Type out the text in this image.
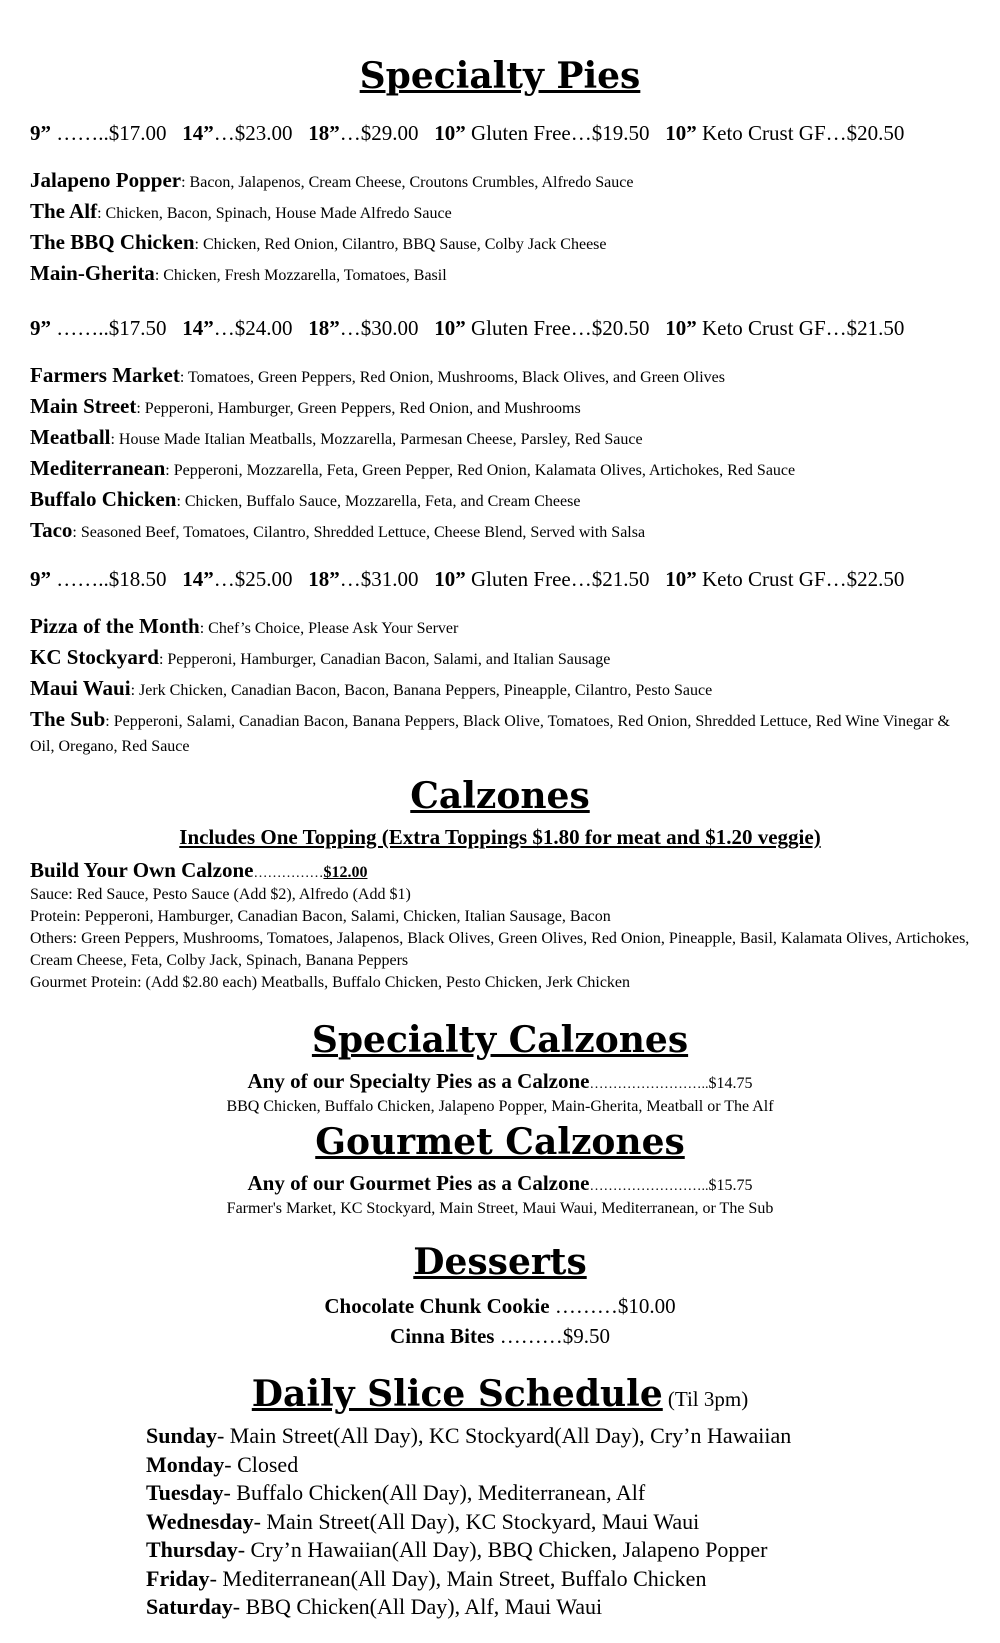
Specialty Pies
9” ……..$17.00 14”…$23.00 18”…$29.00 10” Gluten Free…$19.50 10” Keto Crust GF…$20.50

Jalapeno Popper: Bacon, Jalapenos, Cream Cheese, Croutons Crumbles, Alfredo Sauce

The Alf: Chicken, Bacon, Spinach, House Made Alfredo Sauce

The BBQ Chicken: Chicken, Red Onion, Cilantro, BBQ Sause, Colby Jack Cheese

Main-Gherita: Chicken, Fresh Mozzarella, Tomatoes, Basil

9” ……..$17.50 14”…$24.00 18”…$30.00 10” Gluten Free…$20.50 10” Keto Crust GF…$21.50

Farmers Market: Tomatoes, Green Peppers, Red Onion, Mushrooms, Black Olives, and Green Olives

Main Street: Pepperoni, Hamburger, Green Peppers, Red Onion, and Mushrooms

Meatball: House Made Italian Meatballs, Mozzarella, Parmesan Cheese, Parsley, Red Sauce

Mediterranean: Pepperoni, Mozzarella, Feta, Green Pepper, Red Onion, Kalamata Olives, Artichokes, Red Sauce

Buffalo Chicken: Chicken, Buffalo Sauce, Mozzarella, Feta, and Cream Cheese

Taco: Seasoned Beef, Tomatoes, Cilantro, Shredded Lettuce, Cheese Blend, Served with Salsa

9” ……..$18.50 14”…$25.00 18”…$31.00 10” Gluten Free…$21.50 10” Keto Crust GF…$22.50

Pizza of the Month: Chef’s Choice, Please Ask Your Server

KC Stockyard: Pepperoni, Hamburger, Canadian Bacon, Salami, and Italian Sausage

Maui Waui: Jerk Chicken, Canadian Bacon, Bacon, Banana Peppers, Pineapple, Cilantro, Pesto Sauce

The Sub: Pepperoni, Salami, Canadian Bacon, Banana Peppers, Black Olive, Tomatoes, Red Onion, Shredded Lettuce, Red Wine Vinegar & Oil, Oregano, Red Sauce

Calzones

Includes One Topping (Extra Toppings $1.80 for meat and $1.20 veggie)

Build Your Own Calzone……………$12.00

Sauce: Red Sauce, Pesto Sauce (Add $2), Alfredo (Add $1)

Protein: Pepperoni, Hamburger, Canadian Bacon, Salami, Chicken, Italian Sausage, Bacon

Others: Green Peppers, Mushrooms, Tomatoes, Jalapenos, Black Olives, Green Olives, Red Onion, Pineapple, Basil, Kalamata Olives, Artichokes, Cream Cheese, Feta, Colby Jack, Spinach, Banana Peppers

Gourmet Protein: (Add $2.80 each) Meatballs, Buffalo Chicken, Pesto Chicken, Jerk Chicken

Specialty Calzones

Any of our Specialty Pies as a Calzone……………………..$14.75

BBQ Chicken, Buffalo Chicken, Jalapeno Popper, Main-Gherita, Meatball or The Alf

Gourmet Calzones

Any of our Gourmet Pies as a Calzone……………………..$15.75

Farmer's Market, KC Stockyard, Main Street, Maui Waui, Mediterranean, or The Sub

Desserts

Chocolate Chunk Cookie ………$10.00

Cinna Bites ………$9.50

Daily Slice Schedule (Til 3pm)

Sunday- Main Street(All Day), KC Stockyard(All Day), Cry’n Hawaiian

Monday- Closed

Tuesday- Buffalo Chicken(All Day), Mediterranean, Alf

Wednesday- Main Street(All Day), KC Stockyard, Maui Waui

Thursday- Cry’n Hawaiian(All Day), BBQ Chicken, Jalapeno Popper

Friday- Mediterranean(All Day), Main Street, Buffalo Chicken

Saturday- BBQ Chicken(All Day), Alf, Maui Waui
